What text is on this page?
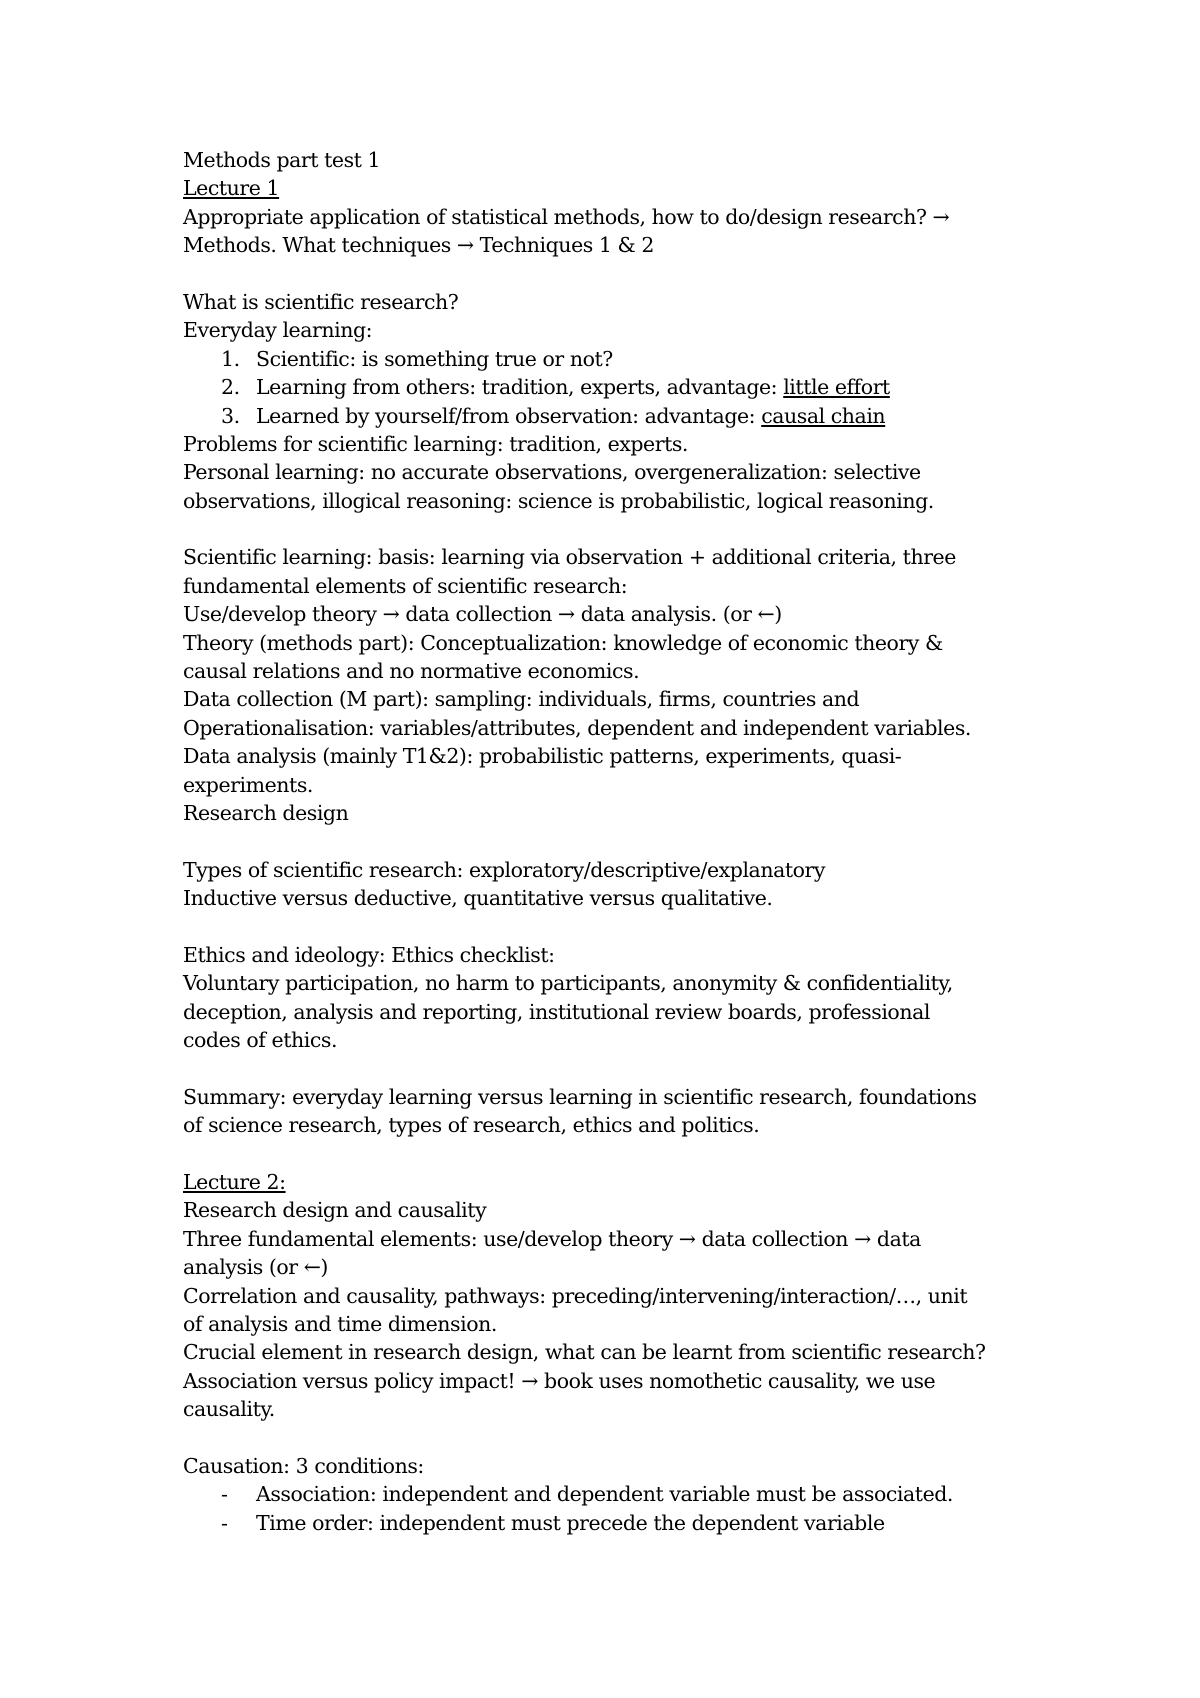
Methods part test 1
Lecture 1
Appropriate application of statistical methods, how to do/design research? →
Methods. What techniques → Techniques 1 & 2
What is scientific research?
Everyday learning:
1. Scientific: is something true or not?
2. Learning from others: tradition, experts, advantage: little effort
3. Learned by yourself/from observation: advantage: causal chain
Problems for scientific learning: tradition, experts.
Personal learning: no accurate observations, overgeneralization: selective
observations, illogical reasoning: science is probabilistic, logical reasoning.
Scientific learning: basis: learning via observation + additional criteria, three
fundamental elements of scientific research:
Use/develop theory → data collection → data analysis. (or ←)
Theory (methods part): Conceptualization: knowledge of economic theory &
causal relations and no normative economics.
Data collection (M part): sampling: individuals, firms, countries and
Operationalisation: variables/attributes, dependent and independent variables.
Data analysis (mainly T1&2): probabilistic patterns, experiments, quasi-
experiments.
Research design
Types of scientific research: exploratory/descriptive/explanatory
Inductive versus deductive, quantitative versus qualitative.
Ethics and ideology: Ethics checklist:
Voluntary participation, no harm to participants, anonymity & confidentiality,
deception, analysis and reporting, institutional review boards, professional
codes of ethics.
Summary: everyday learning versus learning in scientific research, foundations
of science research, types of research, ethics and politics.
Lecture 2:
Research design and causality
Three fundamental elements: use/develop theory → data collection → data
analysis (or ←)
Correlation and causality, pathways: preceding/intervening/interaction/…, unit
of analysis and time dimension.
Crucial element in research design, what can be learnt from scientific research?
Association versus policy impact! → book uses nomothetic causality, we use
causality.
Causation: 3 conditions:
- Association: independent and dependent variable must be associated.
- Time order: independent must precede the dependent variable
